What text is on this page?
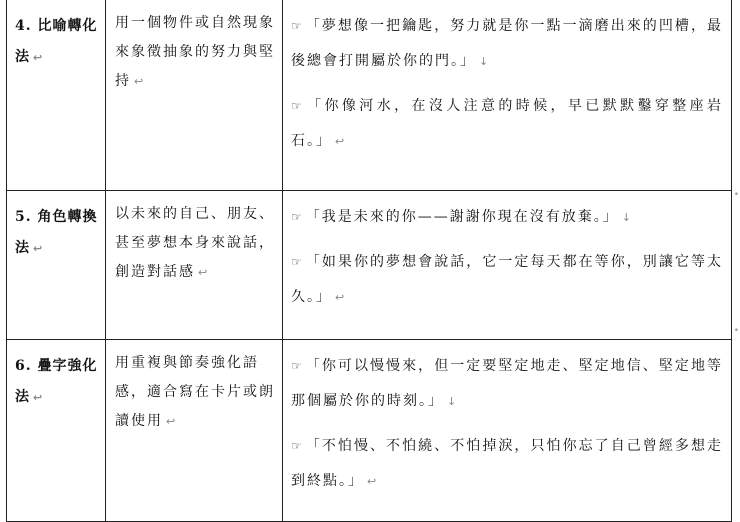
4. 比喻轉化法 ↩	用一個物件或自然現象來象徵抽象的努力與堅持 ↩	☞ 「夢想像一把鑰匙，努力就是你一點一滴磨出來的凹槽，最後總會打開屬於你的門。」 ↓

☞ 「你像河水，在沒人注意的時候，早已默默鑿穿整座岩石。」 ↩

5. 角色轉換法 ↩	以未來的自己、朋友、甚至夢想本身來說話，創造對話感 ↩	☞ 「我是未來的你——謝謝你現在沒有放棄。」 ↓

☞ 「如果你的夢想會說話，它一定每天都在等你，別讓它等太久。」 ↩

6. 疊字強化法 ↩	用重複與節奏強化語感，適合寫在卡片或朗讀使用 ↩	☞ 「你可以慢慢來，但一定要堅定地走、堅定地信、堅定地等那個屬於你的時刻。」 ↓

☞ 「不怕慢、不怕繞、不怕掉淚，只怕你忘了自己曾經多想走到終點。」 ↩

•
•
